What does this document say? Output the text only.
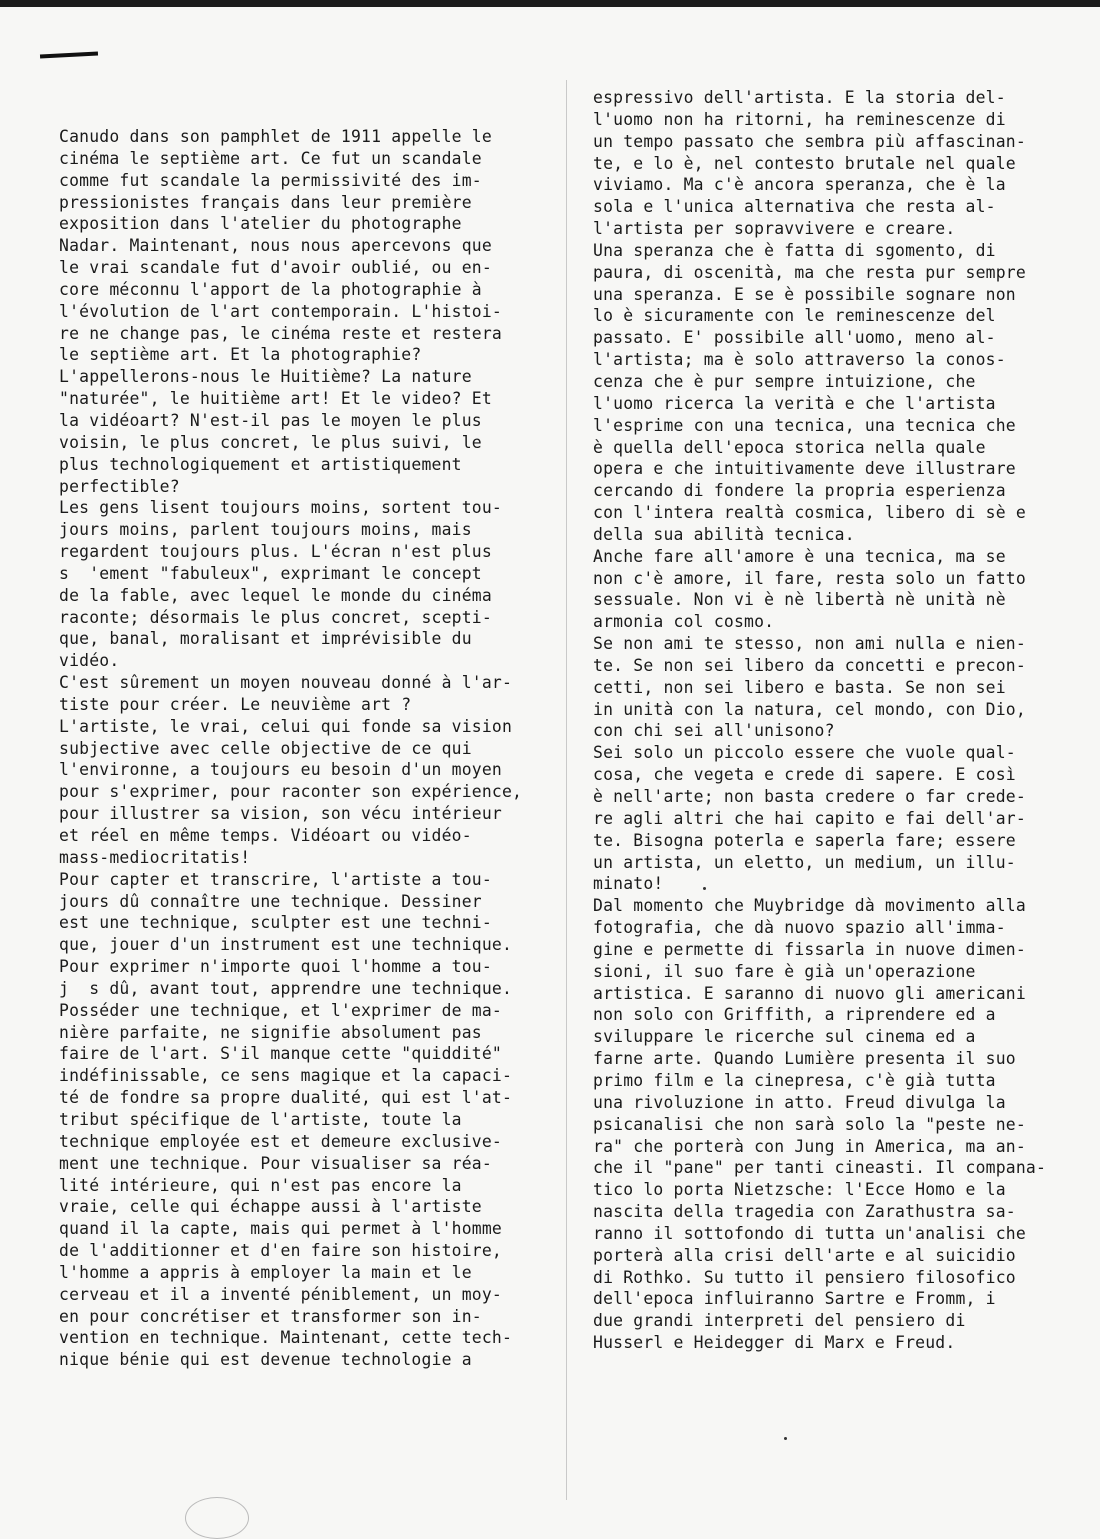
Canudo dans son pamphlet de 1911 appelle le
cinéma le septième art. Ce fut un scandale
comme fut scandale la permissivité des im-
pressionistes français dans leur première
exposition dans l'atelier du photographe
Nadar. Maintenant, nous nous apercevons que
le vrai scandale fut d'avoir oublié, ou en-
core méconnu l'apport de la photographie à
l'évolution de l'art contemporain. L'histoi-
re ne change pas, le cinéma reste et restera
le septième art. Et la photographie?
L'appellerons-nous le Huitième? La nature
"naturée", le huitième art! Et le video? Et
la vidéoart? N'est-il pas le moyen le plus
voisin, le plus concret, le plus suivi, le
plus technologiquement et artistiquement
perfectible?
Les gens lisent toujours moins, sortent tou-
jours moins, parlent toujours moins, mais
regardent toujours plus. L'écran n'est plus
s  'ement "fabuleux", exprimant le concept
de la fable, avec lequel le monde du cinéma
raconte; désormais le plus concret, scepti-
que, banal, moralisant et imprévisible du
vidéo.
C'est sûrement un moyen nouveau donné à l'ar-
tiste pour créer. Le neuvième art ?
L'artiste, le vrai, celui qui fonde sa vision
subjective avec celle objective de ce qui
l'environne, a toujours eu besoin d'un moyen
pour s'exprimer, pour raconter son expérience,
pour illustrer sa vision, son vécu intérieur
et réel en même temps. Vidéoart ou vidéo-
mass-mediocritatis!
Pour capter et transcrire, l'artiste a tou-
jours dû connaître une technique. Dessiner
est une technique, sculpter est une techni-
que, jouer d'un instrument est une technique.
Pour exprimer n'importe quoi l'homme a tou-
j  s dû, avant tout, apprendre une technique.
Posséder une technique, et l'exprimer de ma-
nière parfaite, ne signifie absolument pas
faire de l'art. S'il manque cette "quiddité"
indéfinissable, ce sens magique et la capaci-
té de fondre sa propre dualité, qui est l'at-
tribut spécifique de l'artiste, toute la
technique employée est et demeure exclusive-
ment une technique. Pour visualiser sa réa-
lité intérieure, qui n'est pas encore la
vraie, celle qui échappe aussi à l'artiste
quand il la capte, mais qui permet à l'homme
de l'additionner et d'en faire son histoire,
l'homme a appris à employer la main et le
cerveau et il a inventé péniblement, un moy-
en pour concrétiser et transformer son in-
vention en technique. Maintenant, cette tech-
nique bénie qui est devenue technologie a
espressivo dell'artista. E la storia del-
l'uomo non ha ritorni, ha reminescenze di
un tempo passato che sembra più affascinan-
te, e lo è, nel contesto brutale nel quale
viviamo. Ma c'è ancora speranza, che è la
sola e l'unica alternativa che resta al-
l'artista per sopravvivere e creare.
Una speranza che è fatta di sgomento, di
paura, di oscenità, ma che resta pur sempre
una speranza. E se è possibile sognare non
lo è sicuramente con le reminescenze del
passato. E' possibile all'uomo, meno al-
l'artista; ma è solo attraverso la conos-
cenza che è pur sempre intuizione, che
l'uomo ricerca la verità e che l'artista
l'esprime con una tecnica, una tecnica che
è quella dell'epoca storica nella quale
opera e che intuitivamente deve illustrare
cercando di fondere la propria esperienza
con l'intera realtà cosmica, libero di sè e
della sua abilità tecnica.
Anche fare all'amore è una tecnica, ma se
non c'è amore, il fare, resta solo un fatto
sessuale. Non vi è nè libertà nè unità nè
armonia col cosmo.
Se non ami te stesso, non ami nulla e nien-
te. Se non sei libero da concetti e precon-
cetti, non sei libero e basta. Se non sei
in unità con la natura, cel mondo, con Dio,
con chi sei all'unisono?
Sei solo un piccolo essere che vuole qual-
cosa, che vegeta e crede di sapere. E così
è nell'arte; non basta credere o far crede-
re agli altri che hai capito e fai dell'ar-
te. Bisogna poterla e saperla fare; essere
un artista, un eletto, un medium, un illu-
minato!
Dal momento che Muybridge dà movimento alla
fotografia, che dà nuovo spazio all'imma-
gine e permette di fissarla in nuove dimen-
sioni, il suo fare è già un'operazione
artistica. E saranno di nuovo gli americani
non solo con Griffith, a riprendere ed a
sviluppare le ricerche sul cinema ed a
farne arte. Quando Lumière presenta il suo
primo film e la cinepresa, c'è già tutta
una rivoluzione in atto. Freud divulga la
psicanalisi che non sarà solo la "peste ne-
ra" che porterà con Jung in America, ma an-
che il "pane" per tanti cineasti. Il compana-
tico lo porta Nietzsche: l'Ecce Homo e la
nascita della tragedia con Zarathustra sa-
ranno il sottofondo di tutta un'analisi che
porterà alla crisi dell'arte e al suicidio
di Rothko. Su tutto il pensiero filosofico
dell'epoca influiranno Sartre e Fromm, i
due grandi interpreti del pensiero di
Husserl e Heidegger di Marx e Freud.
